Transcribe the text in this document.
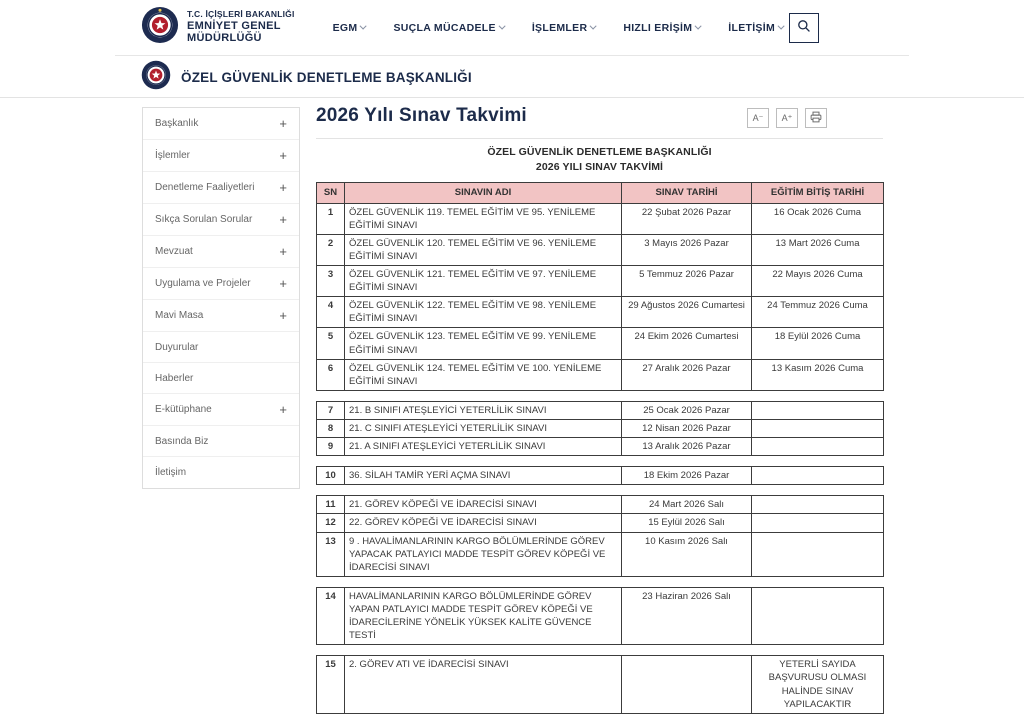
T.C. İÇİŞLERİ BAKANLIĞI
EMNİYET GENEL
MÜDÜRLÜĞÜ
EGM	SUÇLA MÜCADELE	İŞLEMLER	HIZLI ERİŞİM	İLETİŞİM
ÖZEL GÜVENLİK DENETLEME BAŞKANLIĞI
Başkanlık	+
İşlemler	+
Denetleme Faaliyetleri +
Sıkça Sorulan Sorular +
Mevzuat	+
Uygulama ve Projeler +
Mavi Masa	+
Duyurular
Haberler
E-kütüphane	+
Basında Biz
İletişim
2026 Yılı Sınav Takvimi	A⁻	A⁺
ÖZEL GÜVENLİK DENETLEME BAŞKANLIĞI
2026 YILI SINAV TAKVİMİ
SN	SINAVIN ADI	SINAV TARİHİ	EĞİTİM BİTİŞ TARİHİ
1	ÖZEL GÜVENLİK 119. TEMEL EĞİTİM VE 95. YENİLEME EĞİTİMİ SINAVI	22 Şubat 2026 Pazar	16 Ocak 2026 Cuma
2	ÖZEL GÜVENLİK 120. TEMEL EĞİTİM VE 96. YENİLEME EĞİTİMİ SINAVI	3 Mayıs 2026 Pazar	13 Mart 2026 Cuma
3	ÖZEL GÜVENLİK 121. TEMEL EĞİTİM VE 97. YENİLEME EĞİTİMİ SINAVI	5 Temmuz 2026 Pazar	22 Mayıs 2026 Cuma
4	ÖZEL GÜVENLİK 122. TEMEL EĞİTİM VE 98. YENİLEME EĞİTİMİ SINAVI	29 Ağustos 2026 Cumartesi	24 Temmuz 2026 Cuma
5	ÖZEL GÜVENLİK 123. TEMEL EĞİTİM VE 99. YENİLEME EĞİTİMİ SINAVI	24 Ekim 2026 Cumartesi	18 Eylül 2026 Cuma
6	ÖZEL GÜVENLİK 124. TEMEL EĞİTİM VE 100. YENİLEME EĞİTİMİ SINAVI	27 Aralık 2026 Pazar	13 Kasım 2026 Cuma
7	21. B SINIFI ATEŞLEYİCİ YETERLİLİK SINAVI	25 Ocak 2026 Pazar	
8	21. C SINIFI ATEŞLEYİCİ YETERLİLİK SINAVI	12 Nisan 2026 Pazar	
9	21. A SINIFI ATEŞLEYİCİ YETERLİLİK SINAVI	13 Aralık 2026 Pazar	
10	36. SİLAH TAMİR YERİ AÇMA SINAVI	18 Ekim 2026 Pazar	
11	21. GÖREV KÖPEĞİ VE İDARECİSİ SINAVI	24 Mart 2026 Salı	
12	22. GÖREV KÖPEĞİ VE İDARECİSİ SINAVI	15 Eylül 2026 Salı	
13	9 . HAVALİMANLARININ KARGO BÖLÜMLERİNDE GÖREV YAPACAK PATLAYICI MADDE TESPİT GÖREV KÖPEĞİ VE İDARECİSİ SINAVI	10 Kasım 2026 Salı	
14	HAVALİMANLARININ KARGO BÖLÜMLERİNDE GÖREV YAPAN PATLAYICI MADDE TESPİT GÖREV KÖPEĞİ VE İDARECİLERİNE YÖNELİK YÜKSEK KALİTE GÜVENCE TESTİ	23 Haziran 2026 Salı	
15	2. GÖREV ATI VE İDARECİSİ SINAVI		YETERLİ SAYIDA BAŞVURUSU OLMASI HALİNDE SINAV YAPILACAKTIR
